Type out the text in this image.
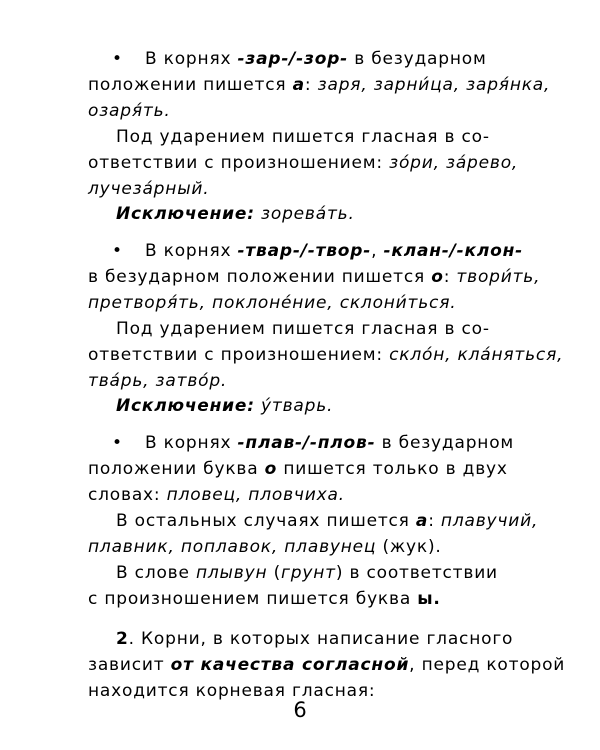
• В корнях -зар-/-зор- в безударном
положении пишется а: заря, зарни́ца, заря́нка,
озаря́ть.
Под ударением пишется гласная в со-
ответствии с произношением: зо́ри, за́рево,
лучеза́рный.
Исключение: зорева́ть.
• В корнях -твар-/-твор-, -клан-/-клон-
в безударном положении пишется о: твори́ть,
претворя́ть, поклоне́ние, склони́ться.
Под ударением пишется гласная в со-
ответствии с произношением: скло́н, кла́няться,
тва́рь, затво́р.
Исключение: у́тварь.
• В корнях -плав-/-плов- в безударном
положении буква о пишется только в двух
словах: пловец, пловчиха.
В остальных случаях пишется а: плавучий,
плавник, поплавок, плавунец (жук).
В слове плывун (грунт) в соответствии
с произношением пишется буква ы.
2. Корни, в которых написание гласного
зависит от качества согласной, перед которой
находится корневая гласная:
6
